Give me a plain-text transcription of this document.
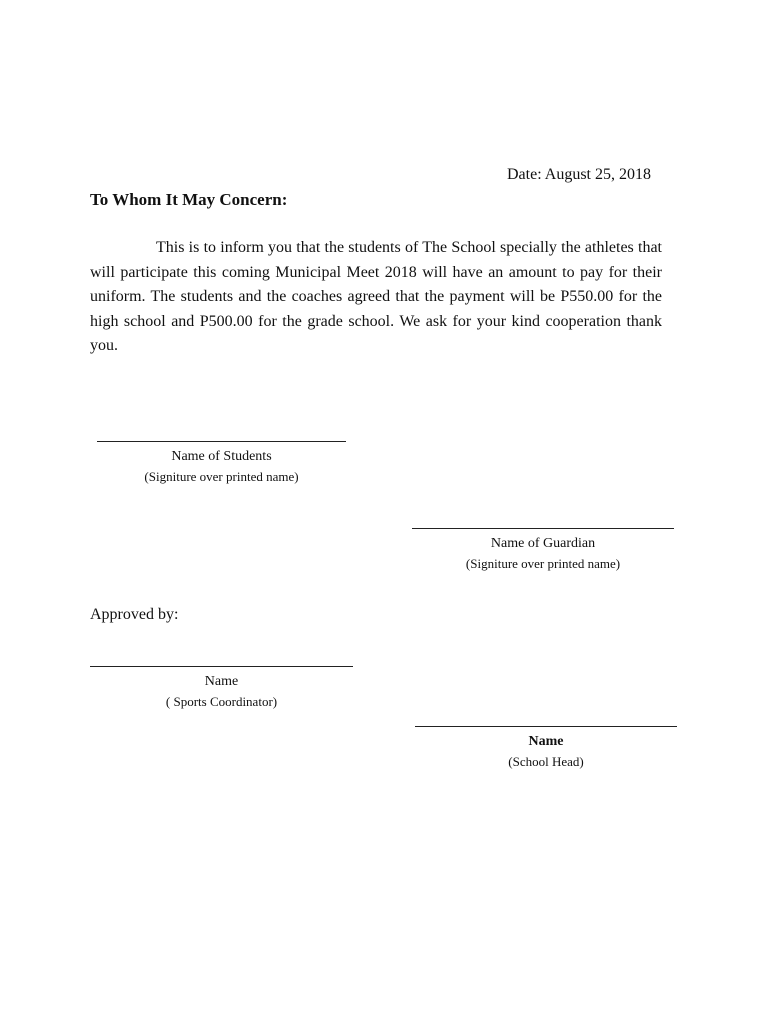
Date: August 25, 2018
To Whom It May Concern:
This is to inform you that the students of The School specially the athletes that will participate this coming Municipal Meet 2018 will have an amount to pay for their uniform. The students and the coaches agreed that the payment will be P550.00 for the high school and P500.00 for the grade school. We ask for your kind cooperation thank you.
Name of Students
(Signiture over printed name)
Name of Guardian
(Signiture over printed name)
Approved by:
Name
( Sports Coordinator)
Name
(School Head)
